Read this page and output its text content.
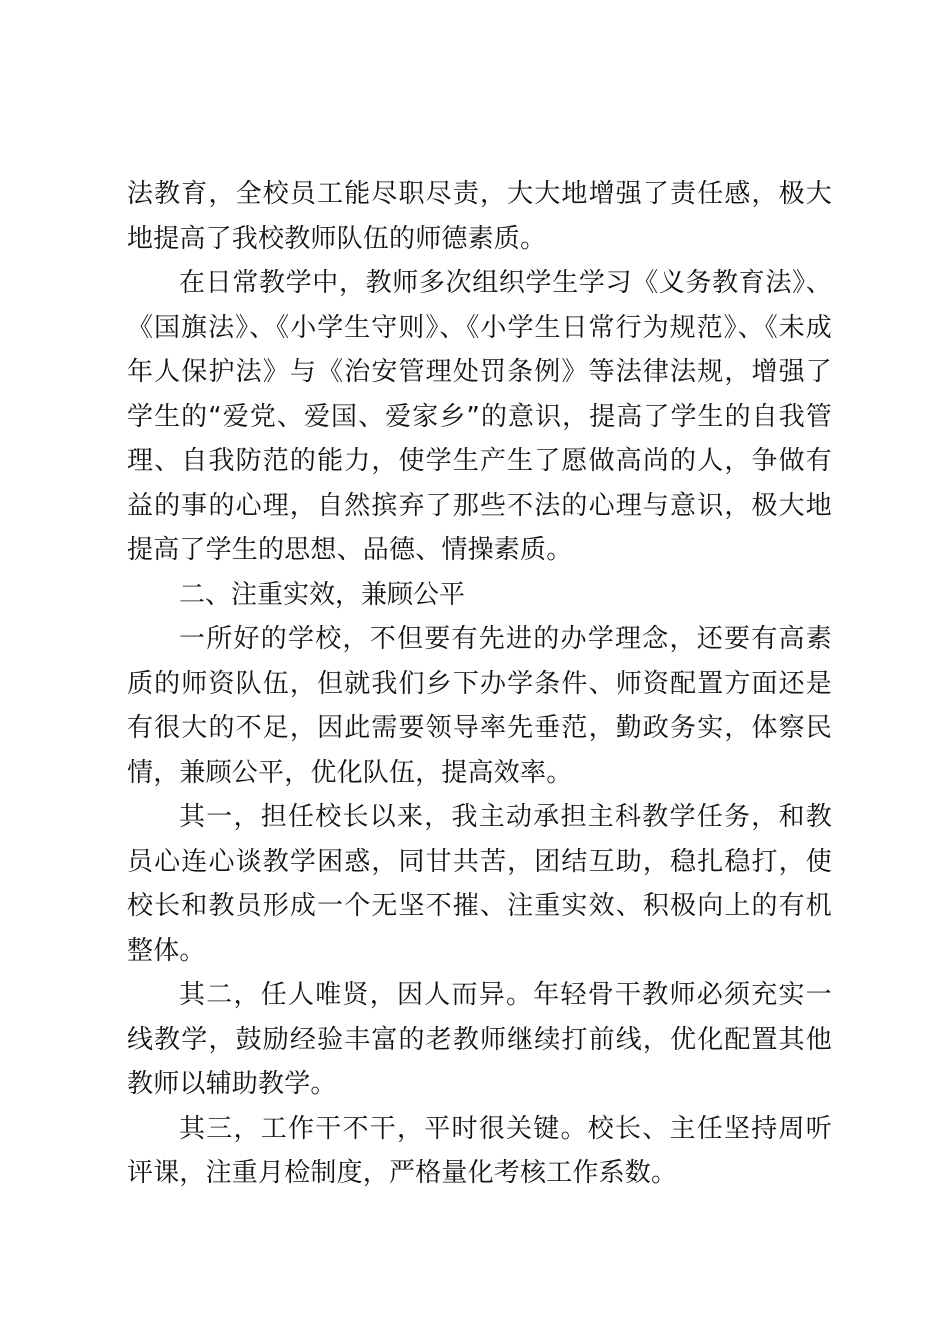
法教育，全校员工能尽职尽责，大大地增强了责任感，极大地提高了我校教师队伍的师德素质。

在日常教学中，教师多次组织学生学习《义务教育法》、《国旗法》、《小学生守则》、《小学生日常行为规范》、《未成年人保护法》与《治安管理处罚条例》等法律法规，增强了学生的“爱党、爱国、爱家乡”的意识，提高了学生的自我管理、自我防范的能力，使学生产生了愿做高尚的人，争做有益的事的心理，自然摈弃了那些不法的心理与意识，极大地提高了学生的思想、品德、情操素质。

二、注重实效，兼顾公平

一所好的学校，不但要有先进的办学理念，还要有高素质的师资队伍，但就我们乡下办学条件、师资配置方面还是有很大的不足，因此需要领导率先垂范，勤政务实，体察民情，兼顾公平，优化队伍，提高效率。

其一，担任校长以来，我主动承担主科教学任务，和教员心连心谈教学困惑，同甘共苦，团结互助，稳扎稳打，使校长和教员形成一个无坚不摧、注重实效、积极向上的有机整体。

其二，任人唯贤，因人而异。年轻骨干教师必须充实一线教学，鼓励经验丰富的老教师继续打前线，优化配置其他教师以辅助教学。

其三，工作干不干，平时很关键。校长、主任坚持周听评课，注重月检制度，严格量化考核工作系数。
